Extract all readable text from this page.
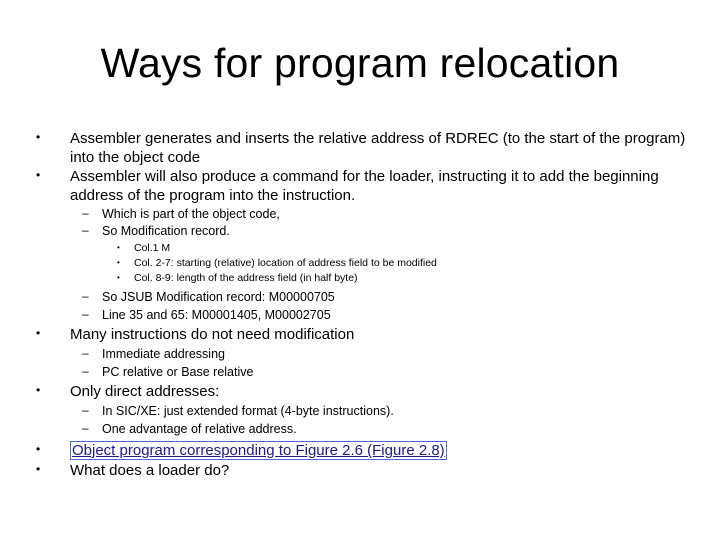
Ways for program relocation
• Assembler generates and inserts the relative address of RDREC (to the start of the program) into the object code
• Assembler will also produce a command for the loader, instructing it to add the beginning address of the program into the instruction.
– Which is part of the object code,
– So Modification record.
• Col.1 M
• Col. 2-7: starting (relative) location of address field to be modified
• Col. 8-9: length of the address field (in half byte)
– So JSUB Modification record: M00000705
– Line 35 and 65: M00001405, M00002705
• Many instructions do not need modification
– Immediate addressing
– PC relative or Base relative
• Only direct addresses:
– In SIC/XE: just extended format (4-byte instructions).
– One advantage of relative address.
• Object program corresponding to Figure 2.6 (Figure 2.8)
• What does a loader do?
